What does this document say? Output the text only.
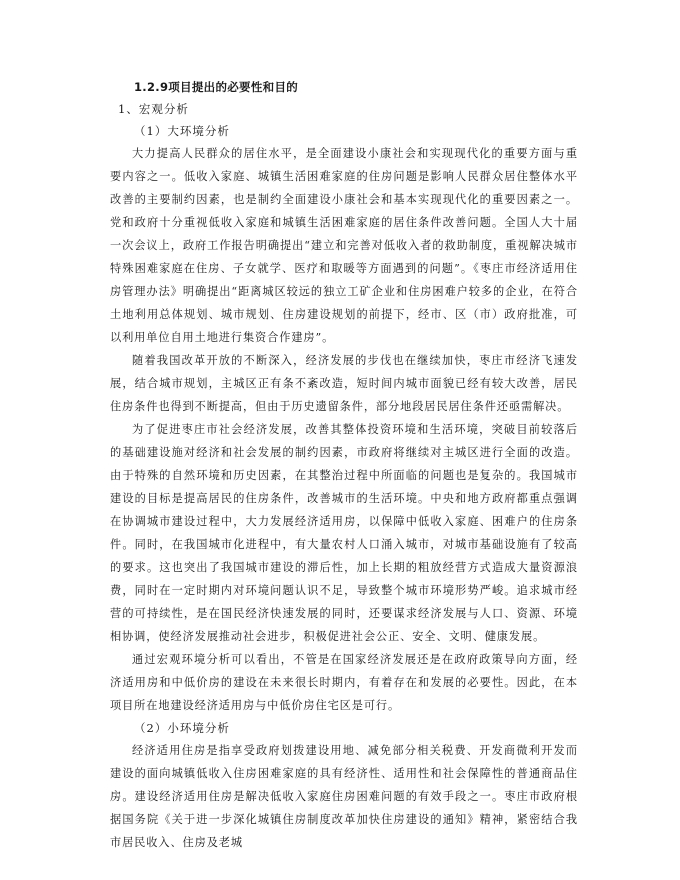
1.2.9项目提出的必要性和目的
1、宏观分析
（1）大环境分析

大力提高人民群众的居住水平，是全面建设小康社会和实现现代化的重要方面与重要内容之一。低收入家庭、城镇生活困难家庭的住房问题是影响人民群众居住整体水平改善的主要制约因素，也是制约全面建设小康社会和基本实现现代化的重要因素之一。党和政府十分重视低收入家庭和城镇生活困难家庭的居住条件改善问题。全国人大十届一次会议上，政府工作报告明确提出“建立和完善对低收入者的救助制度，重视解决城市特殊困难家庭在住房、子女就学、医疗和取暖等方面遇到的问题”。《枣庄市经济适用住房管理办法》明确提出“距离城区较远的独立工矿企业和住房困难户较多的企业，在符合土地利用总体规划、城市规划、住房建设规划的前提下，经市、区（市）政府批准，可以利用单位自用土地进行集资合作建房”。

随着我国改革开放的不断深入，经济发展的步伐也在继续加快，枣庄市经济飞速发展，结合城市规划，主城区正有条不紊改造，短时间内城市面貌已经有较大改善，居民住房条件也得到不断提高，但由于历史遗留条件，部分地段居民居住条件还亟需解决。

为了促进枣庄市社会经济发展，改善其整体投资环境和生活环境，突破目前较落后的基础建设施对经济和社会发展的制约因素，市政府将继续对主城区进行全面的改造。由于特殊的自然环境和历史因素，在其整治过程中所面临的问题也是复杂的。我国城市建设的目标是提高居民的住房条件，改善城市的生活环境。中央和地方政府都重点强调在协调城市建设过程中，大力发展经济适用房，以保障中低收入家庭、困难户的住房条件。同时，在我国城市化进程中，有大量农村人口涌入城市，对城市基础设施有了较高的要求。这也突出了我国城市建设的滞后性，加上长期的粗放经营方式造成大量资源浪费，同时在一定时期内对环境问题认识不足，导致整个城市环境形势严峻。追求城市经营的可持续性，是在国民经济快速发展的同时，还要谋求经济发展与人口、资源、环境相协调，使经济发展推动社会进步，积极促进社会公正、安全、文明、健康发展。

通过宏观环境分析可以看出，不管是在国家经济发展还是在政府政策导向方面，经济适用房和中低价房的建设在未来很长时期内，有着存在和发展的必要性。因此，在本项目所在地建设经济适用房与中低价房住宅区是可行。

（2）小环境分析

经济适用住房是指享受政府划拨建设用地、减免部分相关税费、开发商微利开发而建设的面向城镇低收入住房困难家庭的具有经济性、适用性和社会保障性的普通商品住房。建设经济适用住房是解决低收入家庭住房困难问题的有效手段之一。枣庄市政府根据国务院《关于进一步深化城镇住房制度改革加快住房建设的通知》精神，紧密结合我市居民收入、住房及老城
